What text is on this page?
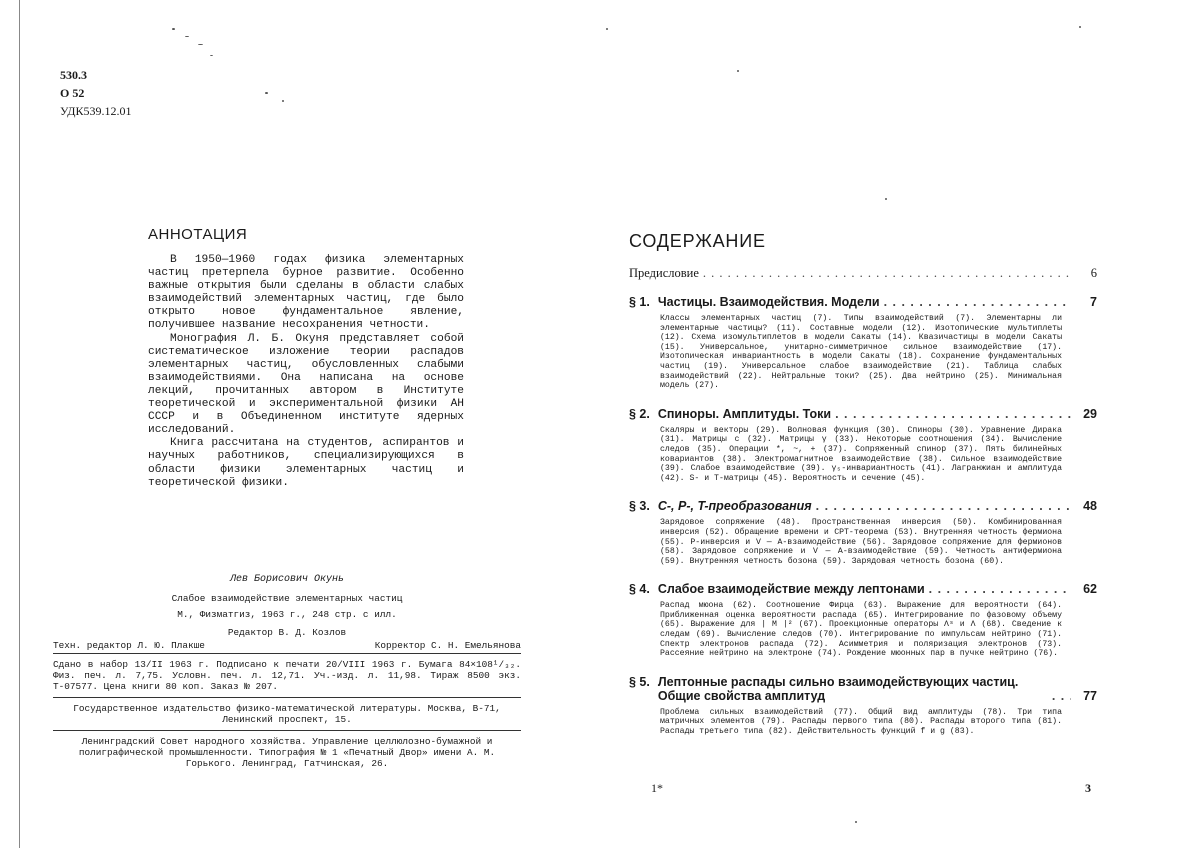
530.3
О 52
УДК539.12.01
АННОТАЦИЯ

В 1950—1960 годах физика элементарных частиц претерпела бурное развитие. Особенно важные открытия были сделаны в области слабых взаимодействий элементарных частиц, где было открыто новое фундаментальное явление, получившее название несохранения четности.

Монография Л. Б. Окуня представляет собой систематическое изложение теории распадов элементарных частиц, обусловленных слабыми взаимодействиями. Она написана на основе лекций, прочитанных автором в Институте теоретической и экспериментальной физики АН СССР и в Объединенном институте ядерных исследований.

Книга рассчитана на студентов, аспирантов и научных работников, специализирующихся в области физики элементарных частиц и теоретической физики.

Лев Борисович Окунь
Слабое взаимодействие элементарных частиц
М., Физматгиз, 1963 г., 248 стр. с илл.
Редактор В. Д. Козлов
Техн. редактор Л. Ю. Плакше	Корректор С. Н. Емельянова
Сдано в набор 13/II 1963 г. Подписано к печати 20/VIII 1963 г. Бумага 84×108¹/₃₂. Физ. печ. л. 7,75. Условн. печ. л. 12,71. Уч.-изд. л. 11,98. Тираж 8500 экз. Т-07577. Цена книги 80 коп. Заказ № 207.
Государственное издательство физико-математической литературы. Москва, В-71, Ленинский проспект, 15.
Ленинградский Совет народного хозяйства. Управление целлюлозно-бумажной и полиграфической промышленности. Типография № 1 «Печатный Двор» имени А. М. Горького. Ленинград, Гатчинская, 26.
СОДЕРЖАНИЕ
Предисловие . . .	6
§ 1. Частицы. Взаимодействия. Модели . . .	7
Классы элементарных частиц (7). Типы взаимодействий (7). Элементарны ли элементарные частицы? (11). Составные модели (12). Изотопические мультиплеты (12). Схема изомультиплетов в модели Сакаты (14). Квазичастицы в модели Сакаты (15). Универсальное, унитарно-симметричное сильное взаимодействие (17). Изотопическая инвариантность в модели Сакаты (18). Сохранение фундаментальных частиц (19). Универсальное слабое взаимодействие (21). Таблица слабых взаимодействий (22). Нейтральные токи? (25). Два нейтрино (25). Минимальная модель (27).
§ 2. Спиноры. Амплитуды. Токи . . .	29
Скаляры и векторы (29). Волновая функция (30). Спиноры (30). Уравнение Дирака (31). Матрицы с (32). Матрицы γ (33). Некоторые соотношения (34). Вычисление следов (35). Операции *, ~, + (37). Сопряженный спинор (37). Пять билинейных ковариантов (38). Электромагнитное взаимодействие (38). Сильное взаимодействие (39). Слабое взаимодействие (39). γ₅-инвариантность (41). Лагранжиан и амплитуда (42). S- и T-матрицы (45). Вероятность и сечение (45).
§ 3. C-, P-, T-преобразования . . .	48
Зарядовое сопряжение (48). Пространственная инверсия (50). Комбинированная инверсия (52). Обращение времени и CPT-теорема (53). Внутренняя четность фермиона (55). P-инверсия и V — A-взаимодействие (56). Зарядовое сопряжение для фермионов (58). Зарядовое сопряжение и V — A-взаимодействие (59). Четность антифермиона (59). Внутренняя четность бозона (59). Зарядовая четность бозона (60).
§ 4. Слабое взаимодействие между лептонами . . .	62
Распад мюона (62). Соотношение Фирца (63). Выражение для вероятности (64). Приближенная оценка вероятности распада (65). Интегрирование по фазовому объему (65). Выражение для | M |² (67). Проекционные операторы Λˢ и Λ (68). Сведение к следам (69). Вычисление следов (70). Интегрирование по импульсам нейтрино (71). Спектр электронов распада (72). Асимметрия и поляризация электронов (73). Рассеяние нейтрино на электроне (74). Рождение мюонных пар в пучке нейтрино (76).
§ 5. Лептонные распады сильно взаимодействующих частиц. Общие свойства амплитуд . . .	77
Проблема сильных взаимодействий (77). Общий вид амплитуды (78). Три типа матричных элементов (79). Распады первого типа (80). Распады второго типа (81). Распады третьего типа (82). Действительность функций f и g (83).
1*	3
